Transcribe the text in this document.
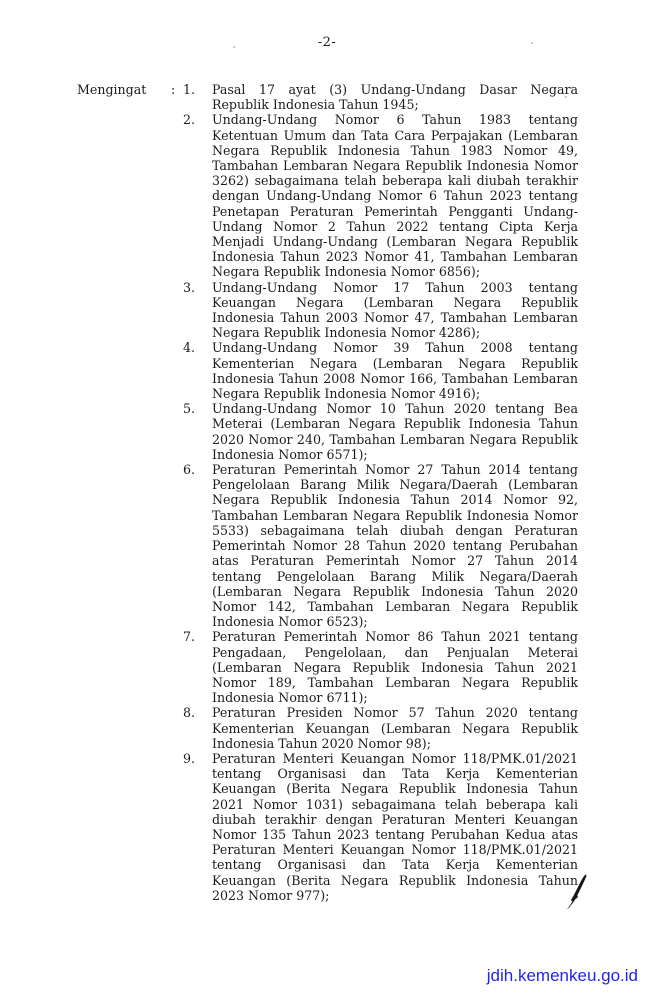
-2-
Mengingat	: 1.	Pasal 17 ayat (3) Undang-Undang Dasar Negara Republik Indonesia Tahun 1945;
2.	Undang-Undang Nomor 6 Tahun 1983 tentang Ketentuan Umum dan Tata Cara Perpajakan (Lembaran Negara Republik Indonesia Tahun 1983 Nomor 49, Tambahan Lembaran Negara Republik Indonesia Nomor 3262) sebagaimana telah beberapa kali diubah terakhir dengan Undang-Undang Nomor 6 Tahun 2023 tentang Penetapan Peraturan Pemerintah Pengganti Undang-Undang Nomor 2 Tahun 2022 tentang Cipta Kerja Menjadi Undang-Undang (Lembaran Negara Republik Indonesia Tahun 2023 Nomor 41, Tambahan Lembaran Negara Republik Indonesia Nomor 6856);
3.	Undang-Undang Nomor 17 Tahun 2003 tentang Keuangan Negara (Lembaran Negara Republik Indonesia Tahun 2003 Nomor 47, Tambahan Lembaran Negara Republik Indonesia Nomor 4286);
4.	Undang-Undang Nomor 39 Tahun 2008 tentang Kementerian Negara (Lembaran Negara Republik Indonesia Tahun 2008 Nomor 166, Tambahan Lembaran Negara Republik Indonesia Nomor 4916);
5.	Undang-Undang Nomor 10 Tahun 2020 tentang Bea Meterai (Lembaran Negara Republik Indonesia Tahun 2020 Nomor 240, Tambahan Lembaran Negara Republik Indonesia Nomor 6571);
6.	Peraturan Pemerintah Nomor 27 Tahun 2014 tentang Pengelolaan Barang Milik Negara/Daerah (Lembaran Negara Republik Indonesia Tahun 2014 Nomor 92, Tambahan Lembaran Negara Republik Indonesia Nomor 5533) sebagaimana telah diubah dengan Peraturan Pemerintah Nomor 28 Tahun 2020 tentang Perubahan atas Peraturan Pemerintah Nomor 27 Tahun 2014 tentang Pengelolaan Barang Milik Negara/Daerah (Lembaran Negara Republik Indonesia Tahun 2020 Nomor 142, Tambahan Lembaran Negara Republik Indonesia Nomor 6523);
7.	Peraturan Pemerintah Nomor 86 Tahun 2021 tentang Pengadaan, Pengelolaan, dan Penjualan Meterai (Lembaran Negara Republik Indonesia Tahun 2021 Nomor 189, Tambahan Lembaran Negara Republik Indonesia Nomor 6711);
8.	Peraturan Presiden Nomor 57 Tahun 2020 tentang Kementerian Keuangan (Lembaran Negara Republik Indonesia Tahun 2020 Nomor 98);
9.	Peraturan Menteri Keuangan Nomor 118/PMK.01/2021 tentang Organisasi dan Tata Kerja Kementerian Keuangan (Berita Negara Republik Indonesia Tahun 2021 Nomor 1031) sebagaimana telah beberapa kali diubah terakhir dengan Peraturan Menteri Keuangan Nomor 135 Tahun 2023 tentang Perubahan Kedua atas Peraturan Menteri Keuangan Nomor 118/PMK.01/2021 tentang Organisasi dan Tata Kerja Kementerian Keuangan (Berita Negara Republik Indonesia Tahun 2023 Nomor 977);
jdih.kemenkeu.go.id
